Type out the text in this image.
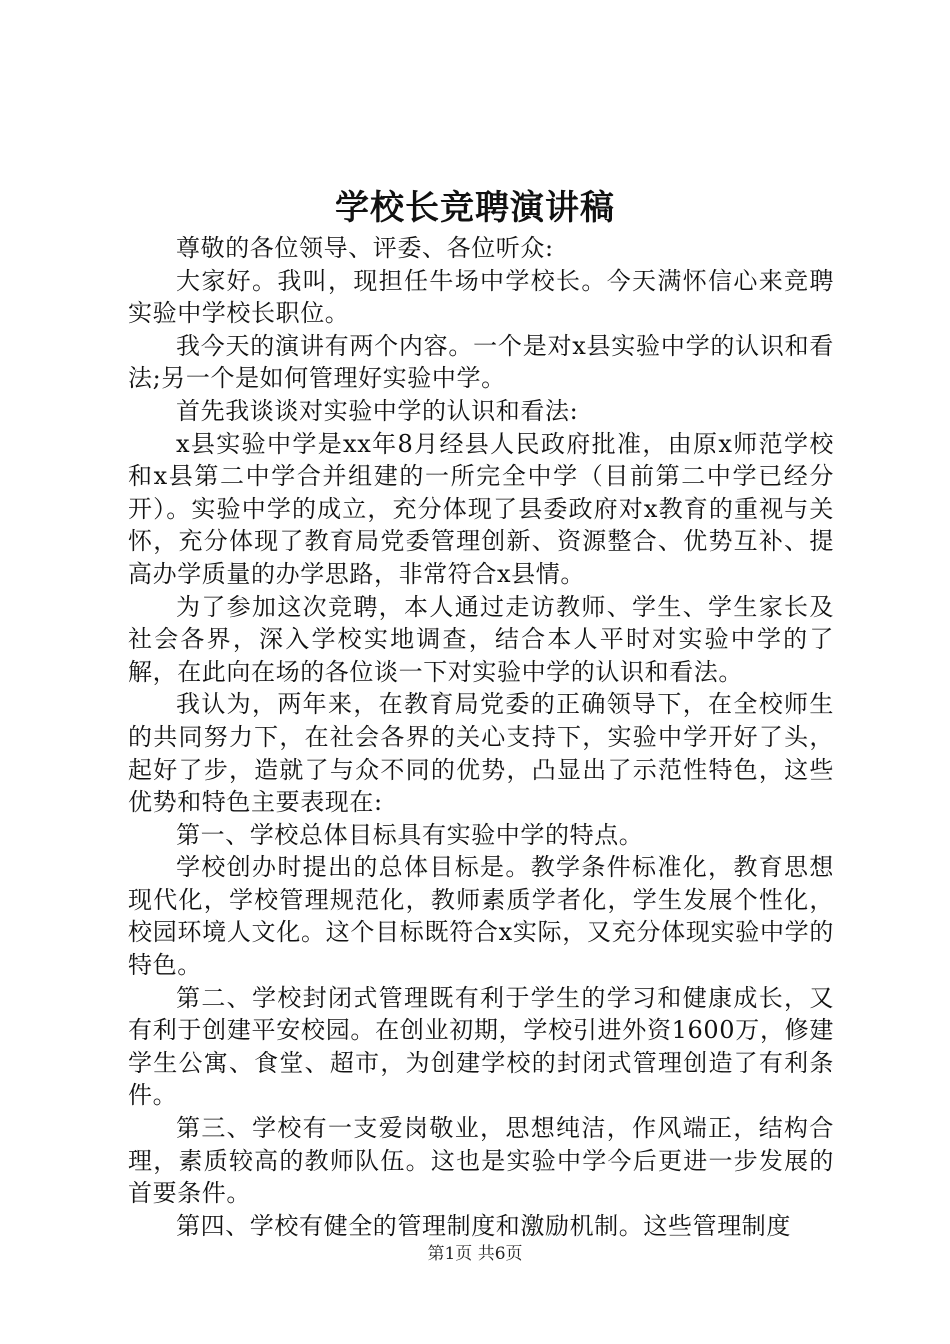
学校长竞聘演讲稿

尊敬的各位领导、评委、各位听众:

大家好。我叫，现担任牛场中学校长。今天满怀信心来竞聘实验中学校长职位。

我今天的演讲有两个内容。一个是对x县实验中学的认识和看法;另一个是如何管理好实验中学。

首先我谈谈对实验中学的认识和看法:

x县实验中学是xx年8月经县人民政府批准，由原x师范学校和x县第二中学合并组建的一所完全中学（目前第二中学已经分开）。实验中学的成立，充分体现了县委政府对x教育的重视与关怀，充分体现了教育局党委管理创新、资源整合、优势互补、提高办学质量的办学思路，非常符合x县情。

为了参加这次竞聘，本人通过走访教师、学生、学生家长及社会各界，深入学校实地调查，结合本人平时对实验中学的了解，在此向在场的各位谈一下对实验中学的认识和看法。

我认为，两年来，在教育局党委的正确领导下，在全校师生的共同努力下，在社会各界的关心支持下，实验中学开好了头，起好了步，造就了与众不同的优势，凸显出了示范性特色，这些优势和特色主要表现在:

第一、学校总体目标具有实验中学的特点。

学校创办时提出的总体目标是。教学条件标准化，教育思想现代化，学校管理规范化，教师素质学者化，学生发展个性化，校园环境人文化。这个目标既符合x实际，又充分体现实验中学的特色。

第二、学校封闭式管理既有利于学生的学习和健康成长，又有利于创建平安校园。在创业初期，学校引进外资1600万，修建学生公寓、食堂、超市，为创建学校的封闭式管理创造了有利条件。

第三、学校有一支爱岗敬业，思想纯洁，作风端正，结构合理，素质较高的教师队伍。这也是实验中学今后更进一步发展的首要条件。

第四、学校有健全的管理制度和激励机制。这些管理制度

第1页 共6页
